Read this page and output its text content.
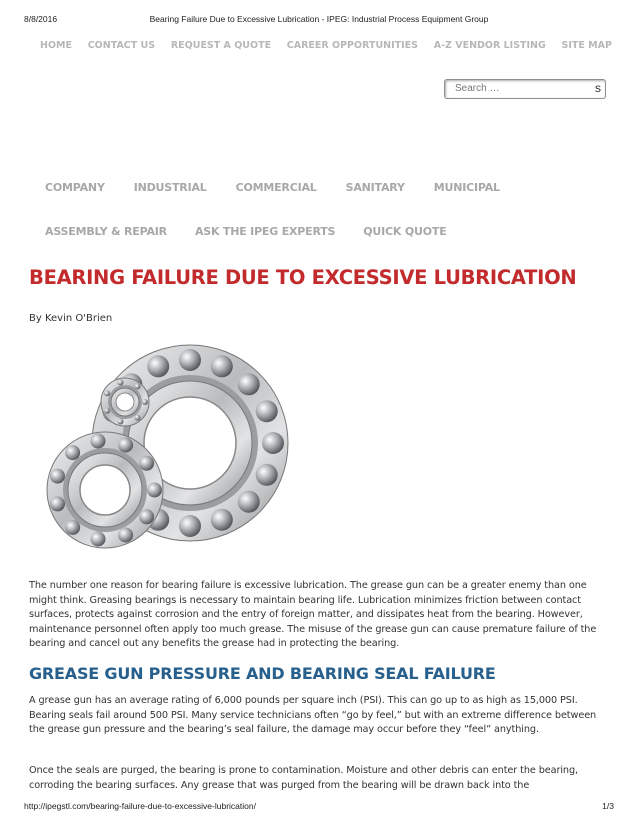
8/8/2016	Bearing Failure Due to Excessive Lubrication - IPEG: Industrial Process Equipment Group
HOME CONTACT US REQUEST A QUOTE CAREER OPPORTUNITIES A-Z VENDOR LISTING SITE MAP
Search …	s
COMPANY	INDUSTRIAL	COMMERCIAL	SANITARY	MUNICIPAL
ASSEMBLY & REPAIR	ASK THE IPEG EXPERTS	QUICK QUOTE
BEARING FAILURE DUE TO EXCESSIVE LUBRICATION
By Kevin O'Brien

The number one reason for bearing failure is excessive lubrication. The grease gun can be a greater enemy than one might think. Greasing bearings is necessary to maintain bearing life. Lubrication minimizes friction between contact surfaces, protects against corrosion and the entry of foreign matter, and dissipates heat from the bearing. However, maintenance personnel often apply too much grease. The misuse of the grease gun can cause premature failure of the bearing and cancel out any benefits the grease had in protecting the bearing.

GREASE GUN PRESSURE AND BEARING SEAL FAILURE

A grease gun has an average rating of 6,000 pounds per square inch (PSI). This can go up to as high as 15,000 PSI. Bearing seals fail around 500 PSI. Many service technicians often “go by feel,” but with an extreme difference between the grease gun pressure and the bearing’s seal failure, the damage may occur before they “feel” anything.

Once the seals are purged, the bearing is prone to contamination. Moisture and other debris can enter the bearing, corroding the bearing surfaces. Any grease that was purged from the bearing will be drawn back into the

http://ipegstl.com/bearing-failure-due-to-excessive-lubrication/	1/3
